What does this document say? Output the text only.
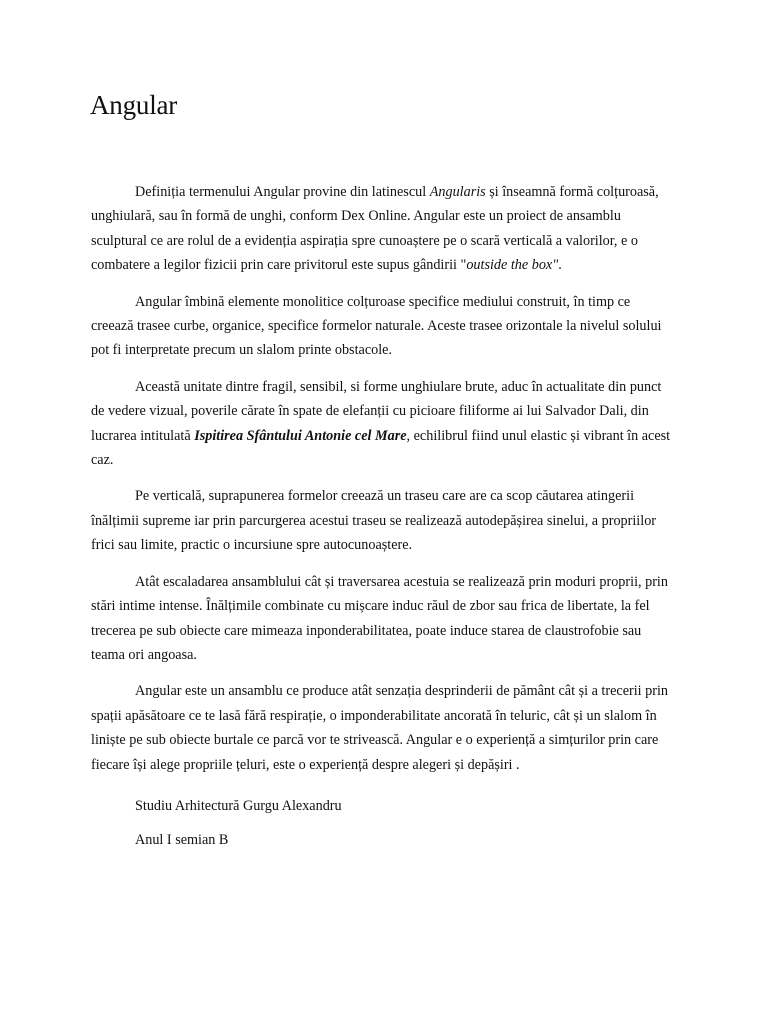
Angular

Definiția termenului Angular provine din latinescul Angularis și înseamnă formă colțuroasă, unghiulară, sau în formă de unghi, conform Dex Online. Angular este un proiect de ansamblu sculptural ce are rolul de a evidenția aspirația spre cunoaștere pe o scară verticală a valorilor, e o combatere a legilor fizicii prin care privitorul este supus gândirii "outside the box".

Angular îmbină elemente monolitice colțuroase specifice mediului construit, în timp ce creează trasee curbe, organice, specifice formelor naturale. Aceste trasee orizontale la nivelul solului pot fi interpretate precum un slalom printe obstacole.

Această unitate dintre fragil, sensibil, si forme unghiulare brute, aduc în actualitate din punct de vedere vizual, poverile cărate în spate de elefanții cu picioare filiforme ai lui Salvador Dali, din lucrarea intitulată Ispitirea Sfântului Antonie cel Mare, echilibrul fiind unul elastic și vibrant în acest caz.

Pe verticală, suprapunerea formelor creează un traseu care are ca scop căutarea atingerii înălțimii supreme iar prin parcurgerea acestui traseu se realizează autodepășirea sinelui, a propriilor frici sau limite, practic o incursiune spre autocunoaștere.

Atât escaladarea ansamblului cât și traversarea acestuia se realizează prin moduri proprii, prin stări intime intense. Înălțimile combinate cu mișcare induc răul de zbor sau frica de libertate, la fel trecerea pe sub obiecte care mimeaza inponderabilitatea, poate induce starea de claustrofobie sau teama ori angoasa.

Angular este un ansamblu ce produce atât senzația desprinderii de pământ cât și a trecerii prin spații apăsătoare ce te lasă fără respirație, o imponderabilitate ancorată în teluric, cât și un slalom în liniște pe sub obiecte burtale ce parcă vor te strivească. Angular e o experiență a simțurilor prin care fiecare își alege propriile țeluri, este o experiență despre alegeri și depășiri .

Studiu Arhitectură Gurgu Alexandru

Anul I semian B
